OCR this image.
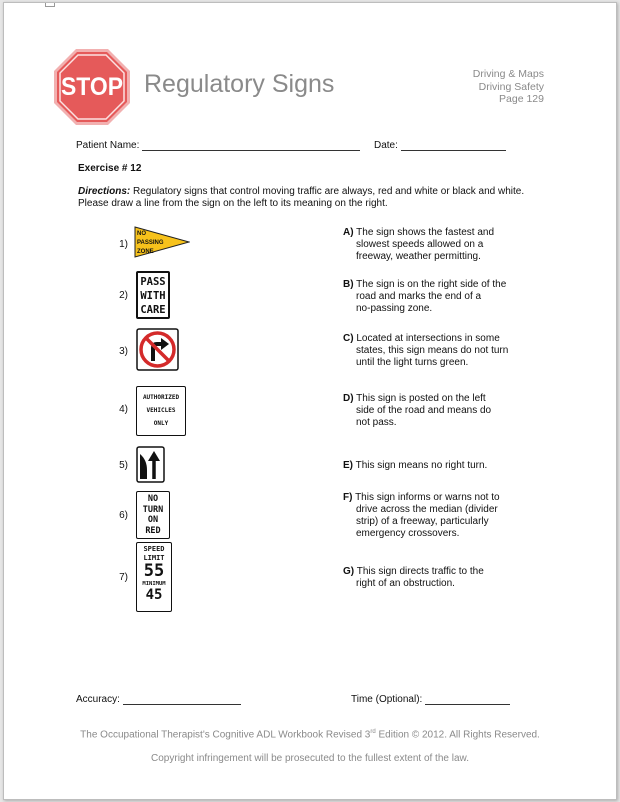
STOP Regulatory Signs	Driving & Maps
Driving Safety
Page 129
Patient Name:	Date:
Exercise # 12
Directions: Regulatory signs that control moving traffic are always, red and white or black and white. Please draw a line from the sign on the left to its meaning on the right.
1)
NO
PASSING
ZONE
2)
PASS
WITH
CARE
3)
4)
AUTHORIZED
VEHICLES
ONLY
5)
6)
NO
TURN
ON
RED
7)
SPEED
LIMIT
55
MINIMUM
45
A) The sign shows the fastest and
slowest speeds allowed on a
freeway, weather permitting.
B) The sign is on the right side of the
road and marks the end of a
no-passing zone.
C) Located at intersections in some
states, this sign means do not turn
until the light turns green.
D) This sign is posted on the left
side of the road and means do
not pass.
E) This sign means no right turn.
F) This sign informs or warns not to
drive across the median (divider
strip) of a freeway, particularly
emergency crossovers.
G) This sign directs traffic to the
right of an obstruction.
Accuracy:	Time (Optional):
The Occupational Therapist's Cognitive ADL Workbook Revised 3rd Edition © 2012. All Rights Reserved.
Copyright infringement will be prosecuted to the fullest extent of the law.
